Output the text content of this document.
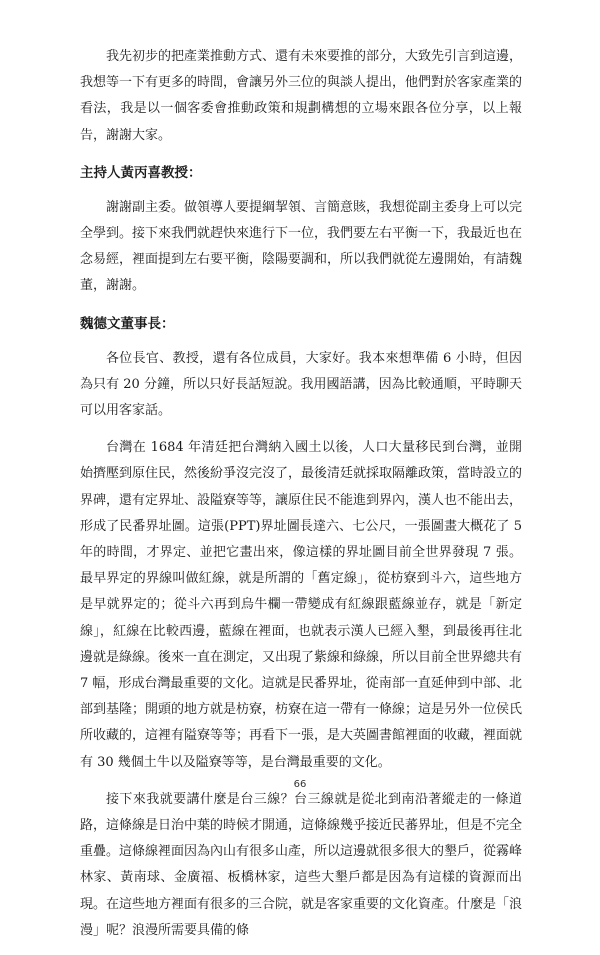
我先初步的把產業推動方式、還有未來要推的部分，大致先引言到這邊，我想等一下有更多的時間，會讓另外三位的與談人提出，他們對於客家產業的看法，我是以一個客委會推動政策和規劃構想的立場來跟各位分享，以上報告，謝謝大家。

主持人黃丙喜教授：

謝謝副主委。做領導人要提綱挈領、言簡意賅，我想從副主委身上可以完全學到。接下來我們就趕快來進行下一位，我們要左右平衡一下，我最近也在念易經，裡面提到左右要平衡，陰陽要調和，所以我們就從左邊開始，有請魏董，謝謝。

魏德文董事長：

各位長官、教授，還有各位成員，大家好。我本來想準備 6 小時，但因為只有 20 分鐘，所以只好長話短說。我用國語講，因為比較通順，平時聊天可以用客家話。

台灣在 1684 年清廷把台灣納入國土以後，人口大量移民到台灣，並開始擠壓到原住民，然後紛爭沒完沒了，最後清廷就採取隔離政策，當時設立的界碑，還有定界址、設隘寮等等，讓原住民不能進到界內，漢人也不能出去，形成了民番界址圖。這張(PPT)界址圖長達六、七公尺，一張圖畫大概花了 5 年的時間，才界定、並把它畫出來，像這樣的界址圖目前全世界發現 7 張。最早界定的界線叫做紅線，就是所謂的「舊定線」，從枋寮到斗六，這些地方是早就界定的；從斗六再到烏牛欄一帶變成有紅線跟藍線並存，就是「新定線」，紅線在比較西邊，藍線在裡面，也就表示漢人已經入墾，到最後再往北邊就是綠線。後來一直在測定，又出現了紫線和綠線，所以目前全世界總共有 7 幅，形成台灣最重要的文化。這就是民番界址，從南部一直延伸到中部、北部到基隆；開頭的地方就是枋寮，枋寮在這一帶有一條線；這是另外一位侯氏所收藏的，這裡有隘寮等等；再看下一張，是大英圖書館裡面的收藏，裡面就有 30 幾個土牛以及隘寮等等，是台灣最重要的文化。

接下來我就要講什麼是台三線？台三線就是從北到南沿著縱走的一條道路，這條線是日治中葉的時候才開通，這條線幾乎接近民蕃界址，但是不完全重疊。這條線裡面因為內山有很多山產，所以這邊就很多很大的墾戶，從霧峰林家、黃南球、金廣福、板橋林家，這些大墾戶都是因為有這樣的資源而出現。在這些地方裡面有很多的三合院，就是客家重要的文化資產。什麼是「浪漫」呢？浪漫所需要具備的條

66
